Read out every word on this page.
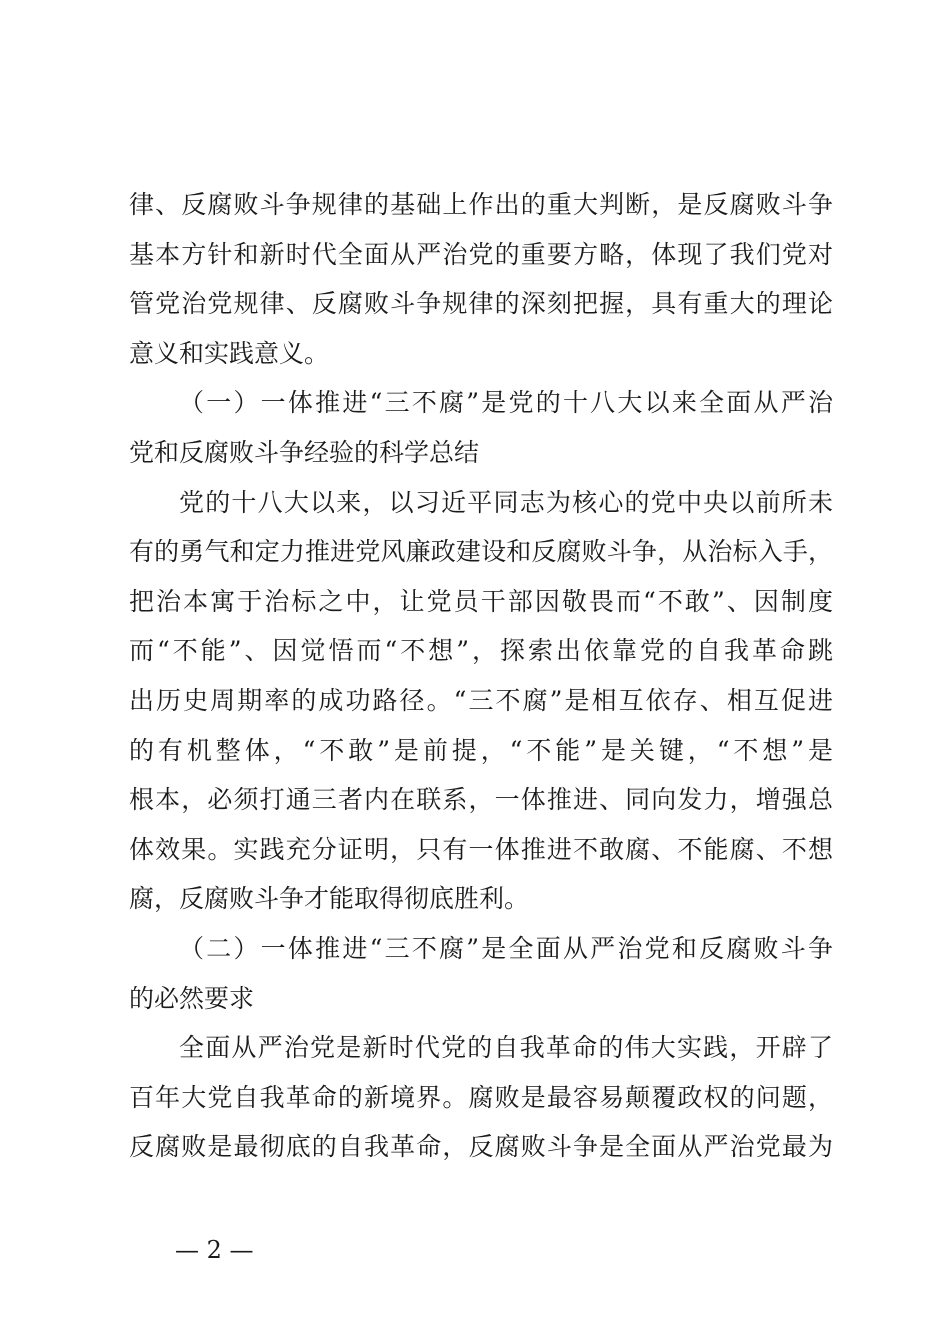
律、反腐败斗争规律的基础上作出的重大判断，是反腐败斗争
基本方针和新时代全面从严治党的重要方略，体现了我们党对
管党治党规律、反腐败斗争规律的深刻把握，具有重大的理论
意义和实践意义。
（一）一体推进“三不腐”是党的十八大以来全面从严治
党和反腐败斗争经验的科学总结
党的十八大以来，以习近平同志为核心的党中央以前所未
有的勇气和定力推进党风廉政建设和反腐败斗争，从治标入手，
把治本寓于治标之中，让党员干部因敬畏而“不敢”、因制度
而“不能”、因觉悟而“不想”，探索出依靠党的自我革命跳
出历史周期率的成功路径。“三不腐”是相互依存、相互促进
的有机整体，“不敢”是前提，“不能”是关键，“不想”是
根本，必须打通三者内在联系，一体推进、同向发力，增强总
体效果。实践充分证明，只有一体推进不敢腐、不能腐、不想
腐，反腐败斗争才能取得彻底胜利。
（二）一体推进“三不腐”是全面从严治党和反腐败斗争
的必然要求
全面从严治党是新时代党的自我革命的伟大实践，开辟了
百年大党自我革命的新境界。腐败是最容易颠覆政权的问题，
反腐败是最彻底的自我革命，反腐败斗争是全面从严治党最为
— 2 —
